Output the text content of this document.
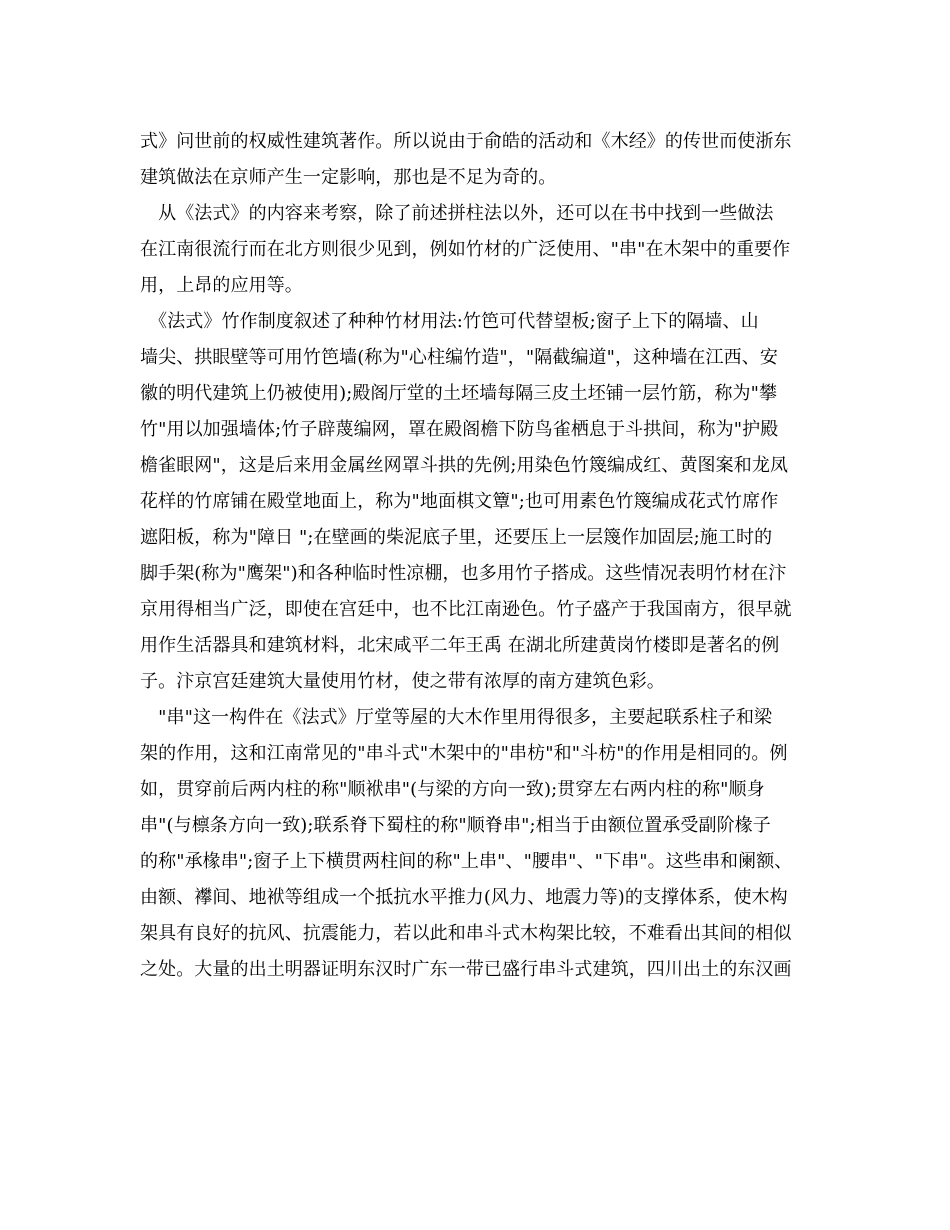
式》问世前的权威性建筑著作。所以说由于俞皓的活动和《木经》的传世而使浙东
建筑做法在京师产生一定影响，那也是不足为奇的。
　从《法式》的内容来考察，除了前述拼柱法以外，还可以在书中找到一些做法
在江南很流行而在北方则很少见到，例如竹材的广泛使用、"串"在木架中的重要作
用，上昂的应用等。
　《法式》竹作制度叙述了种种竹材用法:竹笆可代替望板;窗子上下的隔墙、山
墙尖、拱眼壁等可用竹笆墙(称为"心柱编竹造"，"隔截编道"，这种墙在江西、安
徽的明代建筑上仍被使用);殿阁厅堂的土坯墙每隔三皮土坯铺一层竹筋，称为"攀
竹"用以加强墙体;竹子辟蔑编网，罩在殿阁檐下防鸟雀栖息于斗拱间，称为"护殿
檐雀眼网"，这是后来用金属丝网罩斗拱的先例;用染色竹篾编成红、黄图案和龙凤
花样的竹席铺在殿堂地面上，称为"地面棋文簟";也可用素色竹篾编成花式竹席作
遮阳板，称为"障日 ";在壁画的柴泥底子里，还要压上一层篾作加固层;施工时的
脚手架(称为"鹰架")和各种临时性凉棚，也多用竹子搭成。这些情况表明竹材在汴
京用得相当广泛，即使在宫廷中，也不比江南逊色。竹子盛产于我国南方，很早就
用作生活器具和建筑材料，北宋咸平二年王禹 在湖北所建黄岗竹楼即是著名的例
子。汴京宫廷建筑大量使用竹材，使之带有浓厚的南方建筑色彩。
　"串"这一构件在《法式》厅堂等屋的大木作里用得很多，主要起联系柱子和梁
架的作用，这和江南常见的"串斗式"木架中的"串枋"和"斗枋"的作用是相同的。例
如，贯穿前后两内柱的称"顺袱串"(与梁的方向一致);贯穿左右两内柱的称"顺身
串"(与檩条方向一致);联系脊下蜀柱的称"顺脊串";相当于由额位置承受副阶椽子
的称"承椽串";窗子上下横贯两柱间的称"上串"、"腰串"、"下串"。这些串和阑额、
由额、襻间、地袱等组成一个抵抗水平推力(风力、地震力等)的支撑体系，使木构
架具有良好的抗风、抗震能力，若以此和串斗式木构架比较，不难看出其间的相似
之处。大量的出土明器证明东汉时广东一带已盛行串斗式建筑，四川出土的东汉画
